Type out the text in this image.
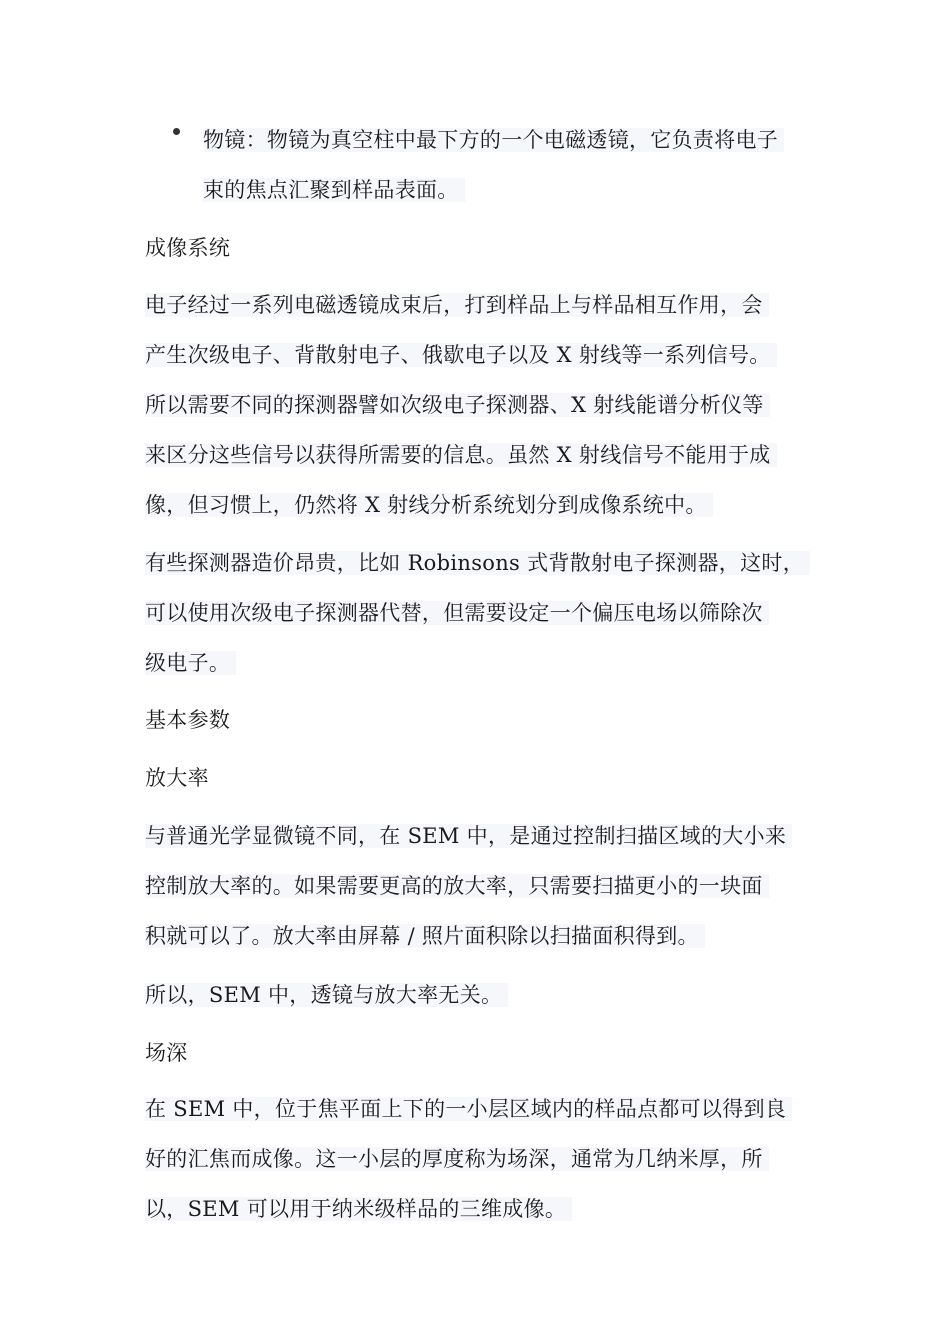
物镜：物镜为真空柱中最下方的一个电磁透镜，它负责将电子
束的焦点汇聚到样品表面。
成像系统
电子经过一系列电磁透镜成束后，打到样品上与样品相互作用，会
产生次级电子、背散射电子、俄歇电子以及 X 射线等一系列信号。
所以需要不同的探测器譬如次级电子探测器、X 射线能谱分析仪等
来区分这些信号以获得所需要的信息。虽然 X 射线信号不能用于成
像，但习惯上，仍然将 X 射线分析系统划分到成像系统中。
有些探测器造价昂贵，比如 Robinsons 式背散射电子探测器，这时，
可以使用次级电子探测器代替，但需要设定一个偏压电场以筛除次
级电子。
基本参数
放大率
与普通光学显微镜不同，在 SEM 中，是通过控制扫描区域的大小来
控制放大率的。如果需要更高的放大率，只需要扫描更小的一块面
积就可以了。放大率由屏幕 / 照片面积除以扫描面积得到。
所以，SEM 中，透镜与放大率无关。
场深
在 SEM 中，位于焦平面上下的一小层区域内的样品点都可以得到良
好的汇焦而成像。这一小层的厚度称为场深，通常为几纳米厚，所
以，SEM 可以用于纳米级样品的三维成像。
